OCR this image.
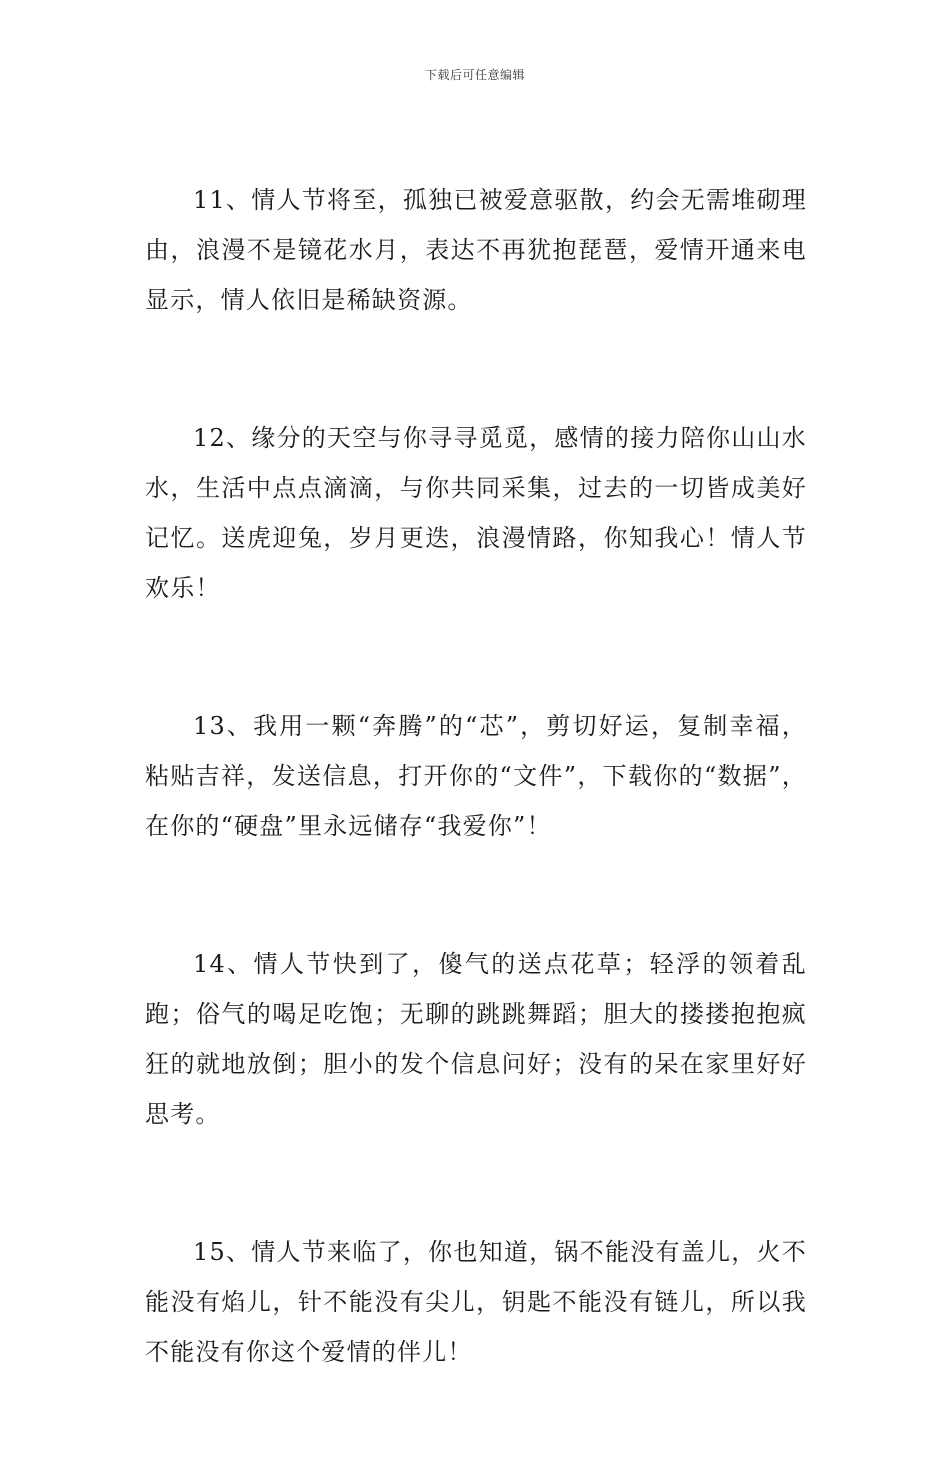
下载后可任意编辑

11、情人节将至，孤独已被爱意驱散，约会无需堆砌理由，浪漫不是镜花水月，表达不再犹抱琵琶，爱情开通来电显示，情人依旧是稀缺资源。

12、缘分的天空与你寻寻觅觅，感情的接力陪你山山水水，生活中点点滴滴，与你共同采集，过去的一切皆成美好记忆。送虎迎兔，岁月更迭，浪漫情路，你知我心！情人节欢乐！

13、我用一颗“奔腾”的“芯”，剪切好运，复制幸福，粘贴吉祥，发送信息，打开你的“文件”，下载你的“数据”，在你的“硬盘”里永远储存“我爱你”！

14、情人节快到了，傻气的送点花草；轻浮的领着乱跑；俗气的喝足吃饱；无聊的跳跳舞蹈；胆大的搂搂抱抱疯狂的就地放倒；胆小的发个信息问好；没有的呆在家里好好思考。

15、情人节来临了，你也知道，锅不能没有盖儿，火不能没有焰儿，针不能没有尖儿，钥匙不能没有链儿，所以我不能没有你这个爱情的伴儿！
